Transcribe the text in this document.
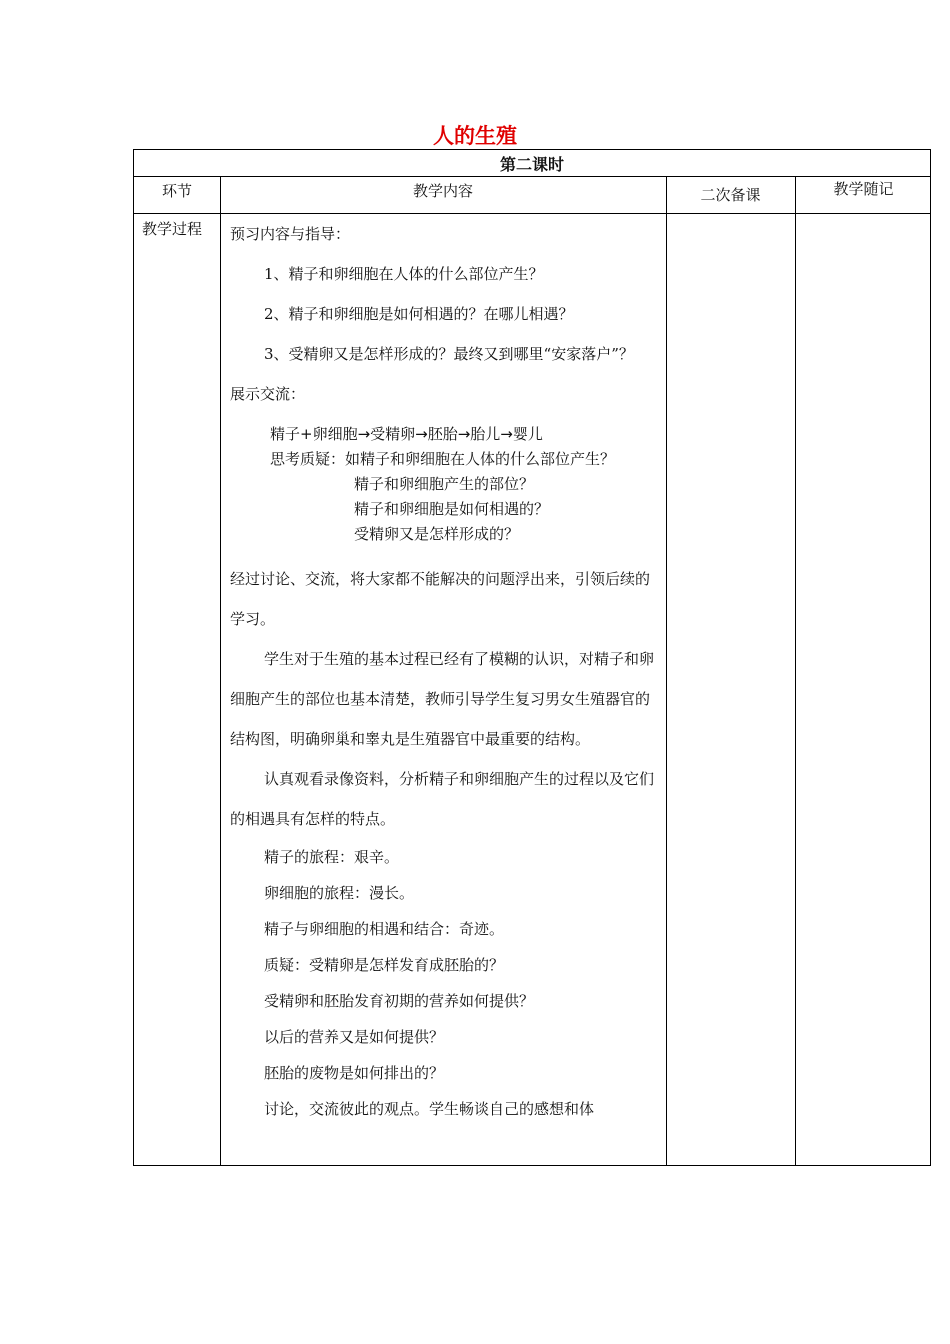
人的生殖
第二课时
环节	教学内容	二次备课	教学随记
教学过程 预习内容与指导：

1、精子和卵细胞在人体的什么部位产生？

2、精子和卵细胞是如何相遇的？在哪儿相遇？

3、受精卵又是怎样形成的？最终又到哪里“安家落户”？

展示交流：

精子+卵细胞→受精卵→胚胎→胎儿→婴儿
思考质疑：如精子和卵细胞在人体的什么部位产生？
精子和卵细胞产生的部位？
精子和卵细胞是如何相遇的？
受精卵又是怎样形成的？

经过讨论、交流，将大家都不能解决的问题浮出来，引领后续的学习。

学生对于生殖的基本过程已经有了模糊的认识，对精子和卵细胞产生的部位也基本清楚，教师引导学生复习男女生殖器官的结构图，明确卵巢和睾丸是生殖器官中最重要的结构。

认真观看录像资料，分析精子和卵细胞产生的过程以及它们的相遇具有怎样的特点。

精子的旅程：艰辛。

卵细胞的旅程：漫长。

精子与卵细胞的相遇和结合：奇迹。

质疑：受精卵是怎样发育成胚胎的？

受精卵和胚胎发育初期的营养如何提供？

以后的营养又是如何提供？

胚胎的废物是如何排出的？

讨论，交流彼此的观点。学生畅谈自己的感想和体
